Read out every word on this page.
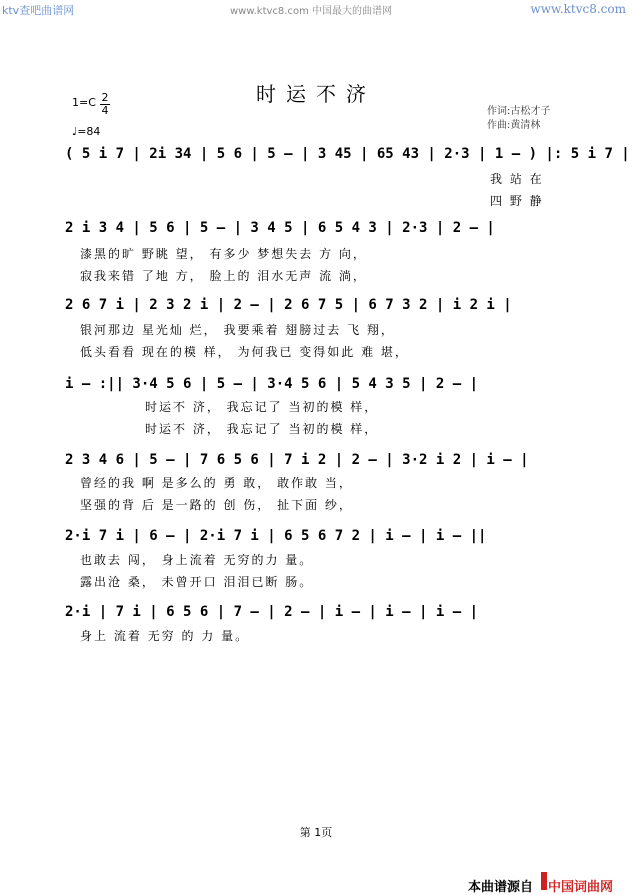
ktv查吧曲谱网	www.ktvc8.com 中国最大的曲谱网	www.ktvc8.com
时运不济
1=C 2
4
♩=84
作词:古松才子
作曲:黄清林
( 5 i 7 | 2i 34 | 5 6 | 5 – | 3 45 | 65 43 | 2·3 | 1 – ) |: 5 i 7 |
我 站 在
四 野 静
2 i 3 4 | 5 6 | 5 – | 3 4 5 | 6 5 4 3 | 2·3 | 2 – |
漆黑的旷 野眺 望， 有多少 梦想失去 方 向，
寂我来错 了地 方， 脸上的 泪水无声 流 淌，
2 6 7 i | 2 3 2 i | 2 – | 2 6 7 5 | 6 7 3 2 | i 2 i |
银河那边 星光灿 烂， 我要乘着 翅膀过去 飞 翔，
低头看看 现在的模 样， 为何我已 变得如此 难 堪，
i – :|| 3·4 5 6 | 5 – | 3·4 5 6 | 5 4 3 5 | 2 – |
时运不 济， 我忘记了 当初的模 样，
时运不 济， 我忘记了 当初的模 样，
2 3 4 6 | 5 – | 7 6 5 6 | 7 i 2 | 2 – | 3·2 i 2 | i – |
曾经的我 啊 是多么的 勇 敢， 敢作敢 当，
坚强的背 后 是一路的 创 伤， 扯下面 纱，
2·i 7 i | 6 – | 2·i 7 i | 6 5 6 7 2 | i – | i – ||
也敢去 闯， 身上流着 无穷的力 量。
露出沧 桑， 未曾开口 泪泪已断 肠。
2·i | 7 i | 6 5 6 | 7 – | 2 – | i – | i – | i – |
身上 流着 无穷 的 力 量。
第 1页
本曲谱源自 中国词曲网
